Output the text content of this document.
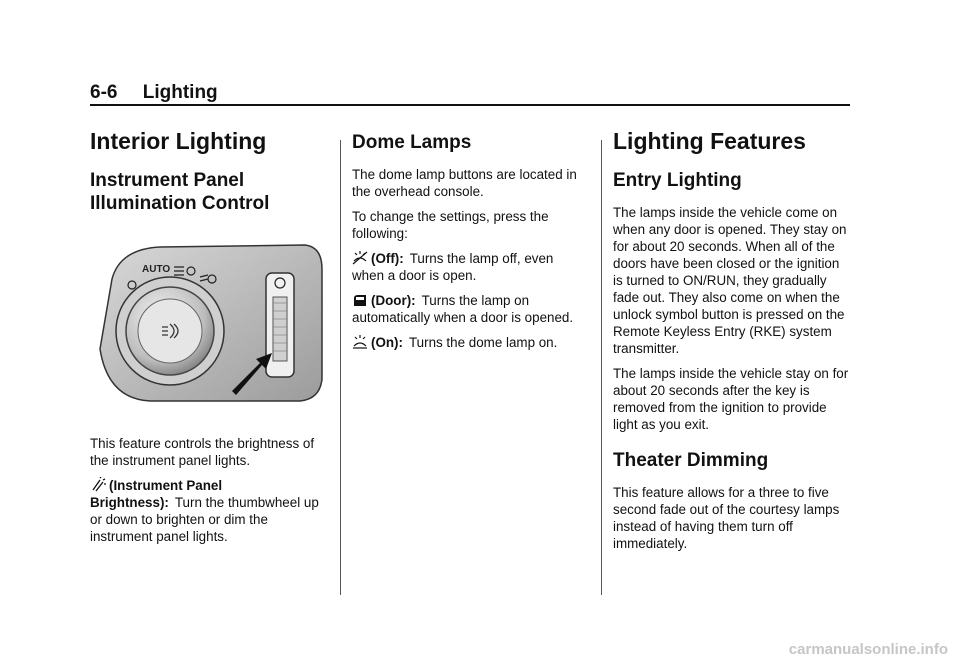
6-6 Lighting
Interior Lighting
Instrument Panel Illumination Control
AUTO

This feature controls the brightness of the instrument panel lights.

(Instrument Panel Brightness): Turn the thumbwheel up or down to brighten or dim the instrument panel lights.

Dome Lamps

The dome lamp buttons are located in the overhead console.

To change the settings, press the following:

(Off): Turns the lamp off, even when a door is open.

(Door): Turns the lamp on automatically when a door is opened.

(On): Turns the dome lamp on.

Lighting Features
Entry Lighting

The lamps inside the vehicle come on when any door is opened. They stay on for about 20 seconds. When all of the doors have been closed or the ignition is turned to ON/RUN, they gradually fade out. They also come on when the unlock symbol button is pressed on the Remote Keyless Entry (RKE) system transmitter.

The lamps inside the vehicle stay on for about 20 seconds after the key is removed from the ignition to provide light as you exit.

Theater Dimming

This feature allows for a three to five second fade out of the courtesy lamps instead of having them turn off immediately.

carmanualsonline.info
